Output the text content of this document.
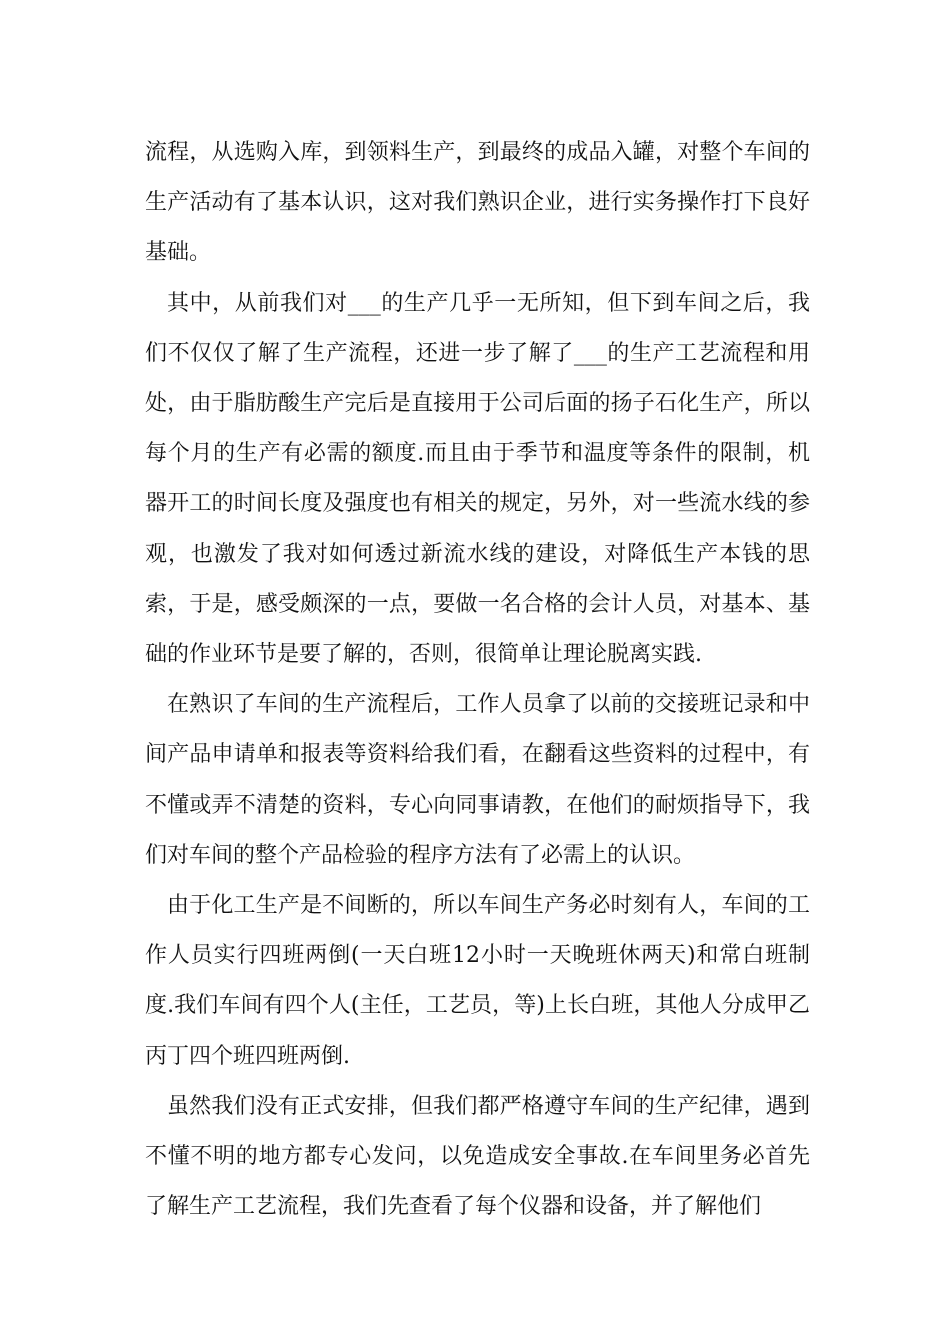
流程，从选购入库，到领料生产，到最终的成品入罐，对整个车间的生产活动有了基本认识，这对我们熟识企业，进行实务操作打下良好基础。

其中，从前我们对___的生产几乎一无所知，但下到车间之后，我们不仅仅了解了生产流程，还进一步了解了___的生产工艺流程和用处，由于脂肪酸生产完后是直接用于公司后面的扬子石化生产，所以每个月的生产有必需的额度.而且由于季节和温度等条件的限制，机器开工的时间长度及强度也有相关的规定，另外，对一些流水线的参观，也激发了我对如何透过新流水线的建设，对降低生产本钱的思索，于是，感受颇深的一点，要做一名合格的会计人员，对基本、基础的作业环节是要了解的，否则，很简单让理论脱离实践.

在熟识了车间的生产流程后，工作人员拿了以前的交接班记录和中间产品申请单和报表等资料给我们看，在翻看这些资料的过程中，有不懂或弄不清楚的资料，专心向同事请教，在他们的耐烦指导下，我们对车间的整个产品检验的程序方法有了必需上的认识。

由于化工生产是不间断的，所以车间生产务必时刻有人，车间的工作人员实行四班两倒(一天白班12小时一天晚班休两天)和常白班制度.我们车间有四个人(主任，工艺员，等)上长白班，其他人分成甲乙丙丁四个班四班两倒.

虽然我们没有正式安排，但我们都严格遵守车间的生产纪律，遇到不懂不明的地方都专心发问，以免造成安全事故.在车间里务必首先了解生产工艺流程，我们先查看了每个仪器和设备，并了解他们
